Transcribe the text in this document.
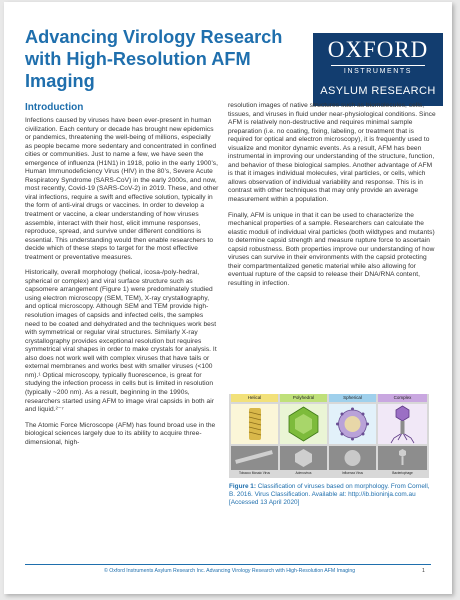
Advancing Virology Research
with High-Resolution AFM Imaging
OXFORD
INSTRUMENTS
ASYLUM RESEARCH
Introduction

Infections caused by viruses have been ever-present in human civilization. Each century or decade has brought new epidemics or pandemics, threatening the well-being of millions, especially as people became more sedentary and concentrated in confined cities or communities. Just to name a few, we have seen the emergence of influenza (H1N1) in 1918, polio in the early 1900’s, Human Immunodeficiency Virus (HIV) in the 80’s, Severe Acute Respiratory Syndrome (SARS-CoV) in the early 2000s, and now, most recently, Covid-19 (SARS-CoV-2) in 2019. These, and other viral infections, require a swift and effective solution, typically in the form of anti-viral drugs or vaccines. In order to develop a treatment or vaccine, a clear understanding of how viruses assemble, interact with their host, elicit immune responses, reproduce, spread, and survive under different conditions is essential. This understanding would then enable researchers to decide which of these steps to target for the most effective treatment or preventative measures.

Historically, overall morphology (helical, icosa-/poly-hedral, spherical or complex) and viral surface structure such as capsomere arrangement (Figure 1) were predominately studied using electron microscopy (SEM, TEM), X-ray crystallography, and optical microscopy. Although SEM and TEM provide high-resolution images of capsids and infected cells, the samples need to be coated and dehydrated and the techniques work best with symmetrical or regular viral structures. Similarly X-ray crystallography provides exceptional resolution but requires symmetrical viral shapes in order to make crystals for analysis. It also does not work well with complex viruses that have tails or external membranes and works best with smaller viruses (<100 nm).¹ Optical microscopy, typically fluorescence, is great for studying the infection process in cells but is limited in resolution (typically ~200 nm). As a result, beginning in the 1990s, researchers started using AFM to image viral capsids in both air and liquid.²⁻⁷

The Atomic Force Microscope (AFM) has found broad use in the biological sciences largely due to its ability to acquire three-dimensional, high-

resolution images of native structures such as biomolecules, cells, tissues, and viruses in fluid under near-physiological conditions. Since AFM is relatively non-destructive and requires minimal sample preparation (i.e. no coating, fixing, labeling, or treatment that is required for optical and electron microscopy), it is frequently used to visualize and monitor dynamic events. As a result, AFM has been instrumental in improving our understanding of the structure, function, and behavior of these biological samples. Another advantage of AFM is that it images individual molecules, viral particles, or cells, which allows observation of individual variability and response. This is in contrast with other techniques that may only provide an average measurement within a population.

Finally, AFM is unique in that it can be used to characterize the mechanical properties of a sample. Researchers can calculate the elastic moduli of individual viral particles (both wildtypes and mutants) to determine capsid strength and measure rupture force to ascertain capsid robustness. Both properties improve our understanding of how viruses can survive in their environments with the capsid protecting their compartmentalized genetic material while also allowing for eventual rupture of the capsid to release their DNA/RNA content, resulting in infection.

Helical
Tobacco Mosaic Virus
Polyhedral
Adenovirus
Spherical
Influenza Virus
Complex
Bacteriophage
Figure 1: Classification of viruses based on morphology. From Cornell, B. 2016. Virus Classification. Available at: http://ib.bioninja.com.au [Accessed 13 April 2020]
© Oxford Instruments Asylum Research Inc. Advancing Virology Research with High-Resolution AFM Imaging	1
